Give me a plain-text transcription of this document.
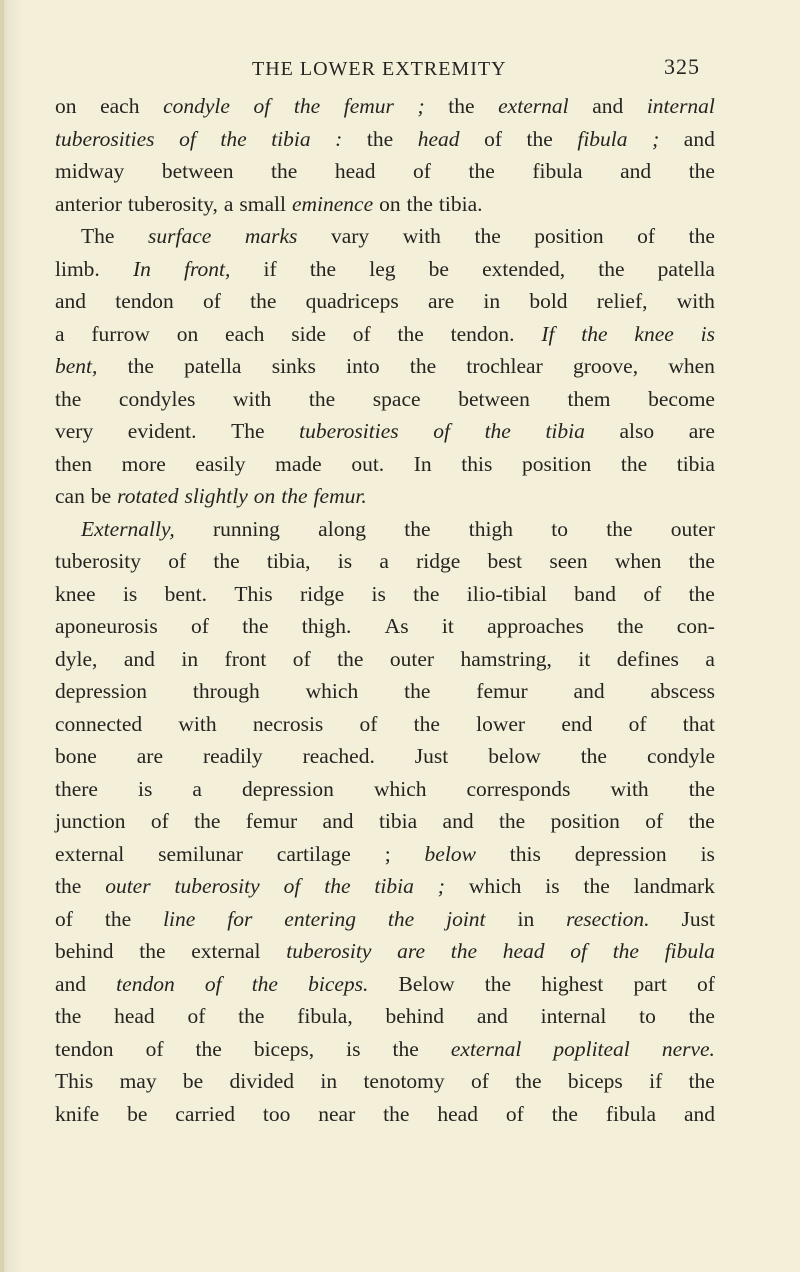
THE LOWER EXTREMITY	325
on each condyle of the femur ; the external and internal
tuberosities of the tibia : the head of the fibula ; and
midway between the head of the fibula and the
anterior tuberosity, a small eminence on the tibia.
The surface marks vary with the position of the
limb. In front, if the leg be extended, the patella
and tendon of the quadriceps are in bold relief, with
a furrow on each side of the tendon. If the knee is
bent, the patella sinks into the trochlear groove, when
the condyles with the space between them become
very evident. The tuberosities of the tibia also are
then more easily made out. In this position the tibia
can be rotated slightly on the femur.
Externally, running along the thigh to the outer
tuberosity of the tibia, is a ridge best seen when the
knee is bent. This ridge is the ilio-tibial band of the
aponeurosis of the thigh. As it approaches the con-
dyle, and in front of the outer hamstring, it defines a
depression through which the femur and abscess
connected with necrosis of the lower end of that
bone are readily reached. Just below the condyle
there is a depression which corresponds with the
junction of the femur and tibia and the position of the
external semilunar cartilage ; below this depression is
the outer tuberosity of the tibia ; which is the landmark
of the line for entering the joint in resection. Just
behind the external tuberosity are the head of the fibula
and tendon of the biceps. Below the highest part of
the head of the fibula, behind and internal to the
tendon of the biceps, is the external popliteal nerve.
This may be divided in tenotomy of the biceps if the
knife be carried too near the head of the fibula and
